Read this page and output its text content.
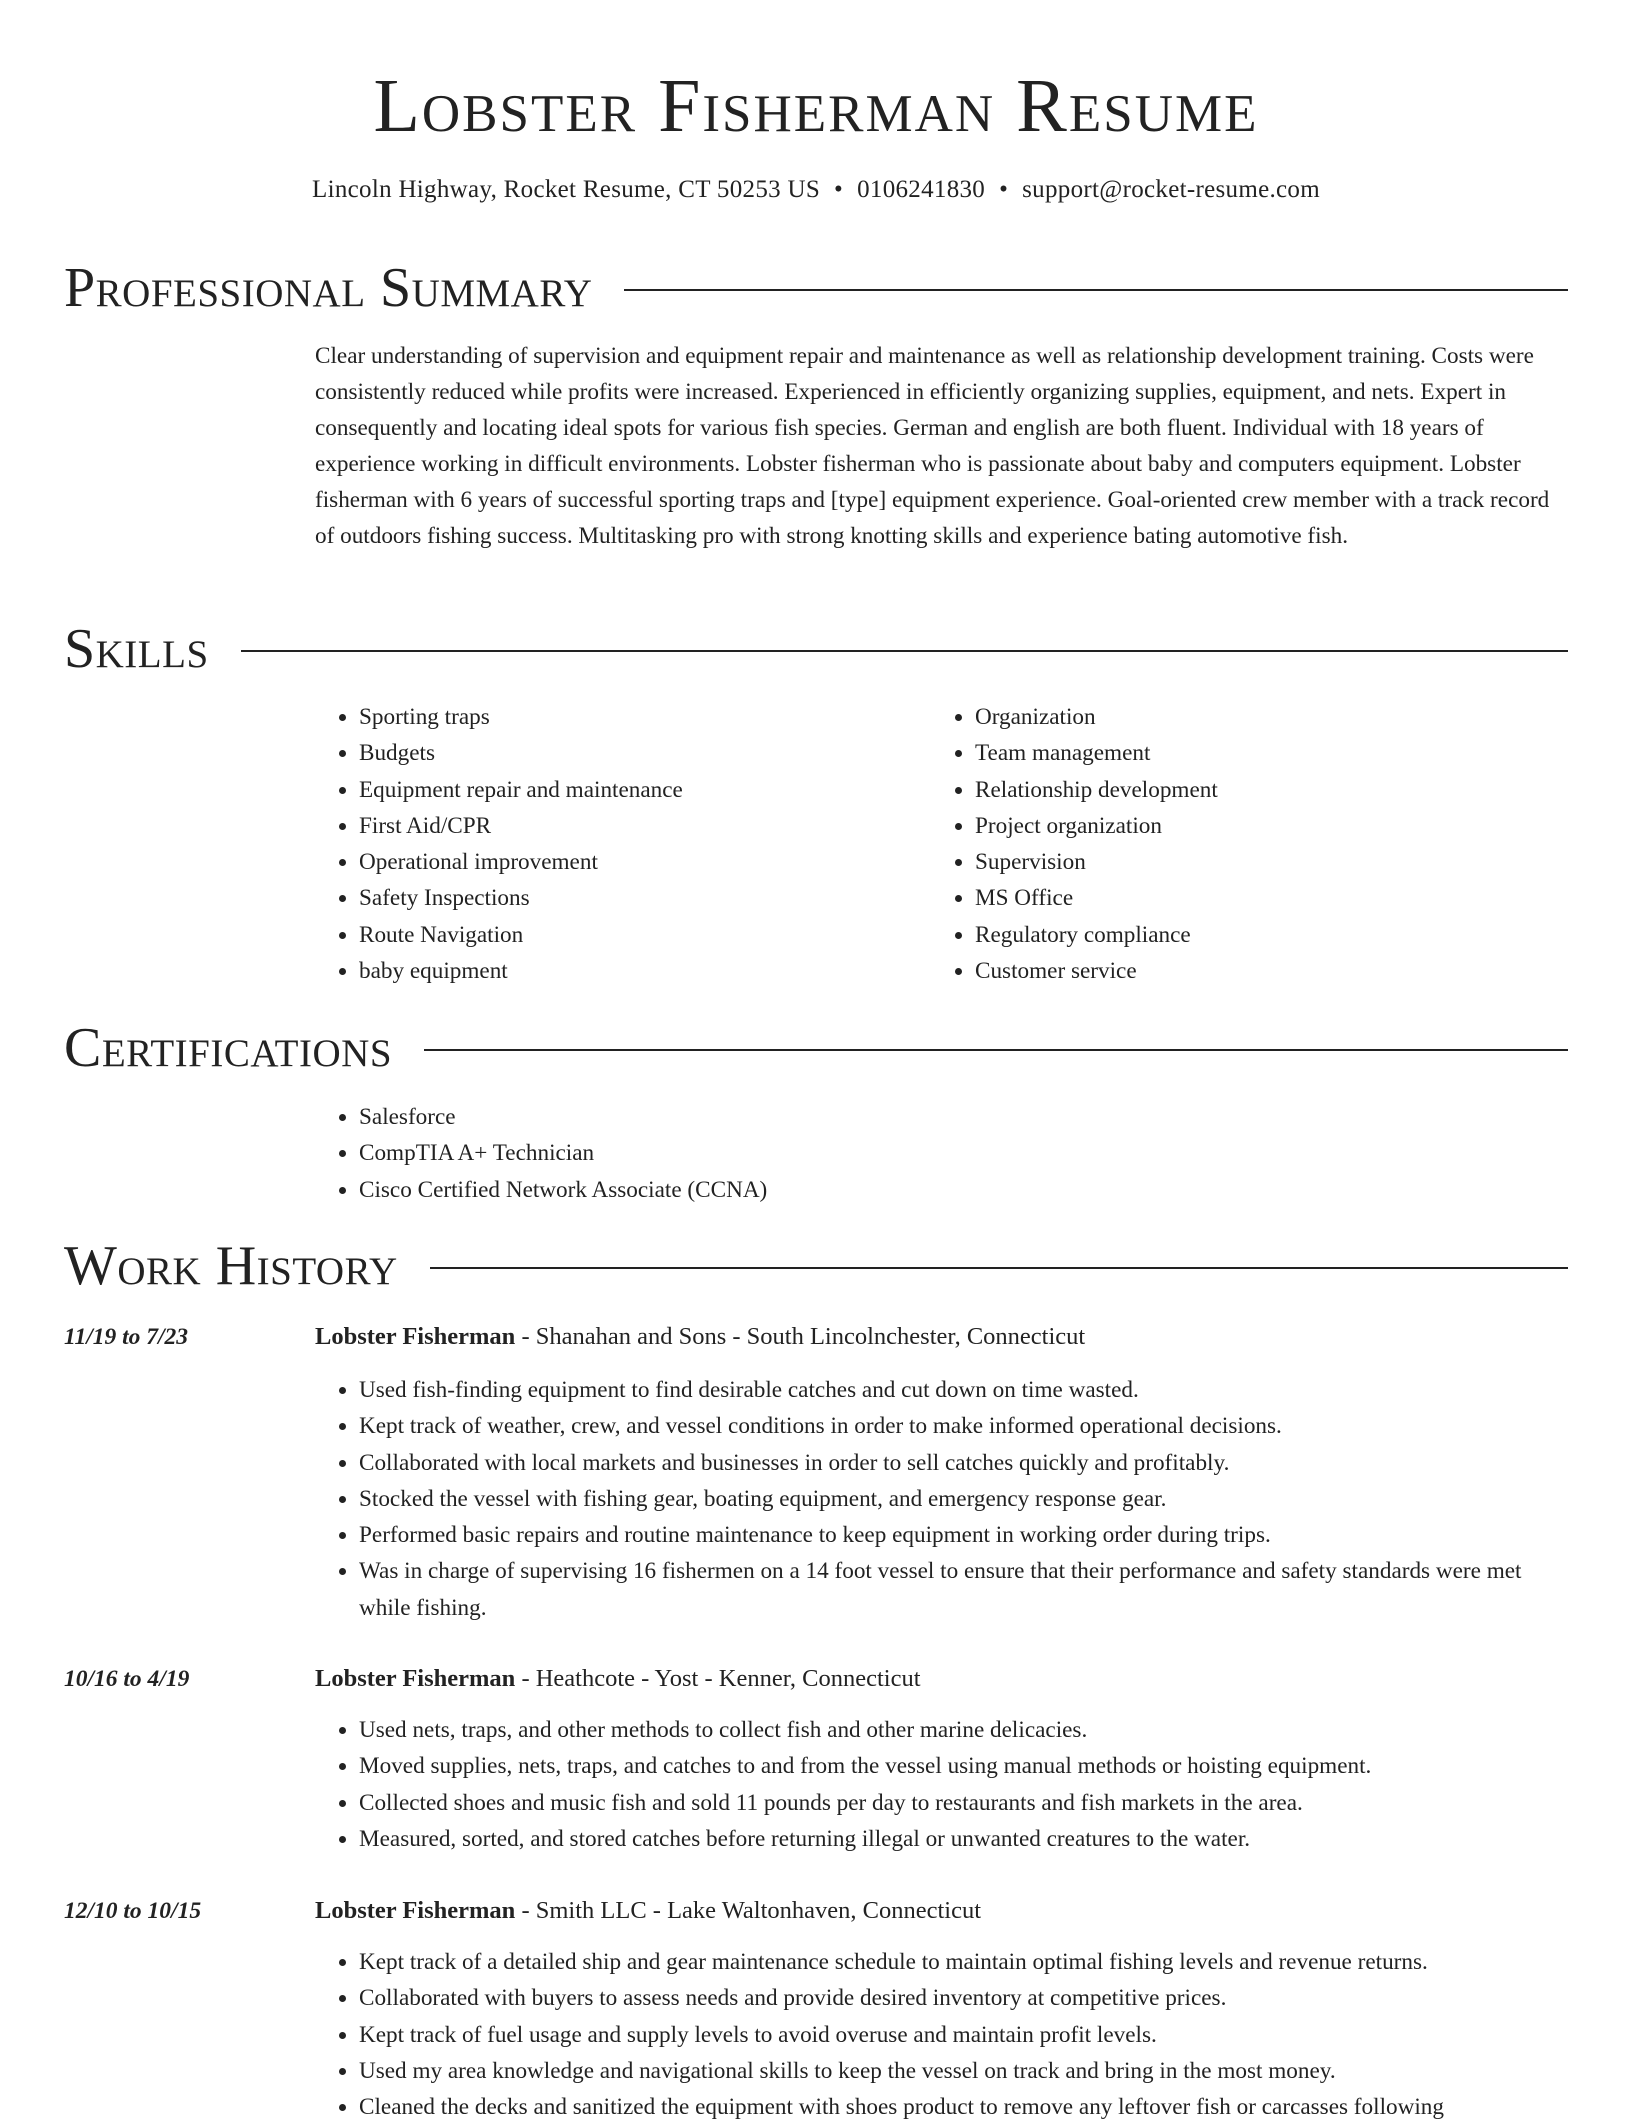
Lobster Fisherman Resume
Lincoln Highway, Rocket Resume, CT 50253 US • 0106241830 • support@rocket-resume.com
Professional Summary

Clear understanding of supervision and equipment repair and maintenance as well as relationship development training. Costs were consistently reduced while profits were increased. Experienced in efficiently organizing supplies, equipment, and nets. Expert in consequently and locating ideal spots for various fish species. German and english are both fluent. Individual with 18 years of experience working in difficult environments. Lobster fisherman who is passionate about baby and computers equipment. Lobster fisherman with 6 years of successful sporting traps and [type] equipment experience. Goal-oriented crew member with a track record of outdoors fishing success. Multitasking pro with strong knotting skills and experience bating automotive fish.

Skills
• Sporting traps
• Budgets
• Equipment repair and maintenance
• First Aid/CPR
• Operational improvement
• Safety Inspections
• Route Navigation
• baby equipment
• Organization
• Team management
• Relationship development
• Project organization
• Supervision
• MS Office
• Regulatory compliance
• Customer service
Certifications
• Salesforce
• CompTIA A+ Technician
• Cisco Certified Network Associate (CCNA)
Work History
11/19 to 7/23	Lobster Fisherman - Shanahan and Sons - South Lincolnchester, Connecticut
• Used fish-finding equipment to find desirable catches and cut down on time wasted.
• Kept track of weather, crew, and vessel conditions in order to make informed operational decisions.
• Collaborated with local markets and businesses in order to sell catches quickly and profitably.
• Stocked the vessel with fishing gear, boating equipment, and emergency response gear.
• Performed basic repairs and routine maintenance to keep equipment in working order during trips.
• Was in charge of supervising 16 fishermen on a 14 foot vessel to ensure that their performance and safety standards were met while fishing.
10/16 to 4/19	Lobster Fisherman - Heathcote - Yost - Kenner, Connecticut
• Used nets, traps, and other methods to collect fish and other marine delicacies.
• Moved supplies, nets, traps, and catches to and from the vessel using manual methods or hoisting equipment.
• Collected shoes and music fish and sold 11 pounds per day to restaurants and fish markets in the area.
• Measured, sorted, and stored catches before returning illegal or unwanted creatures to the water.
12/10 to 10/15	Lobster Fisherman - Smith LLC - Lake Waltonhaven, Connecticut
• Kept track of a detailed ship and gear maintenance schedule to maintain optimal fishing levels and revenue returns.
• Collaborated with buyers to assess needs and provide desired inventory at competitive prices.
• Kept track of fuel usage and supply levels to avoid overuse and maintain profit levels.
• Used my area knowledge and navigational skills to keep the vessel on track and bring in the most money.
• Cleaned the decks and sanitized the equipment with shoes product to remove any leftover fish or carcasses following
